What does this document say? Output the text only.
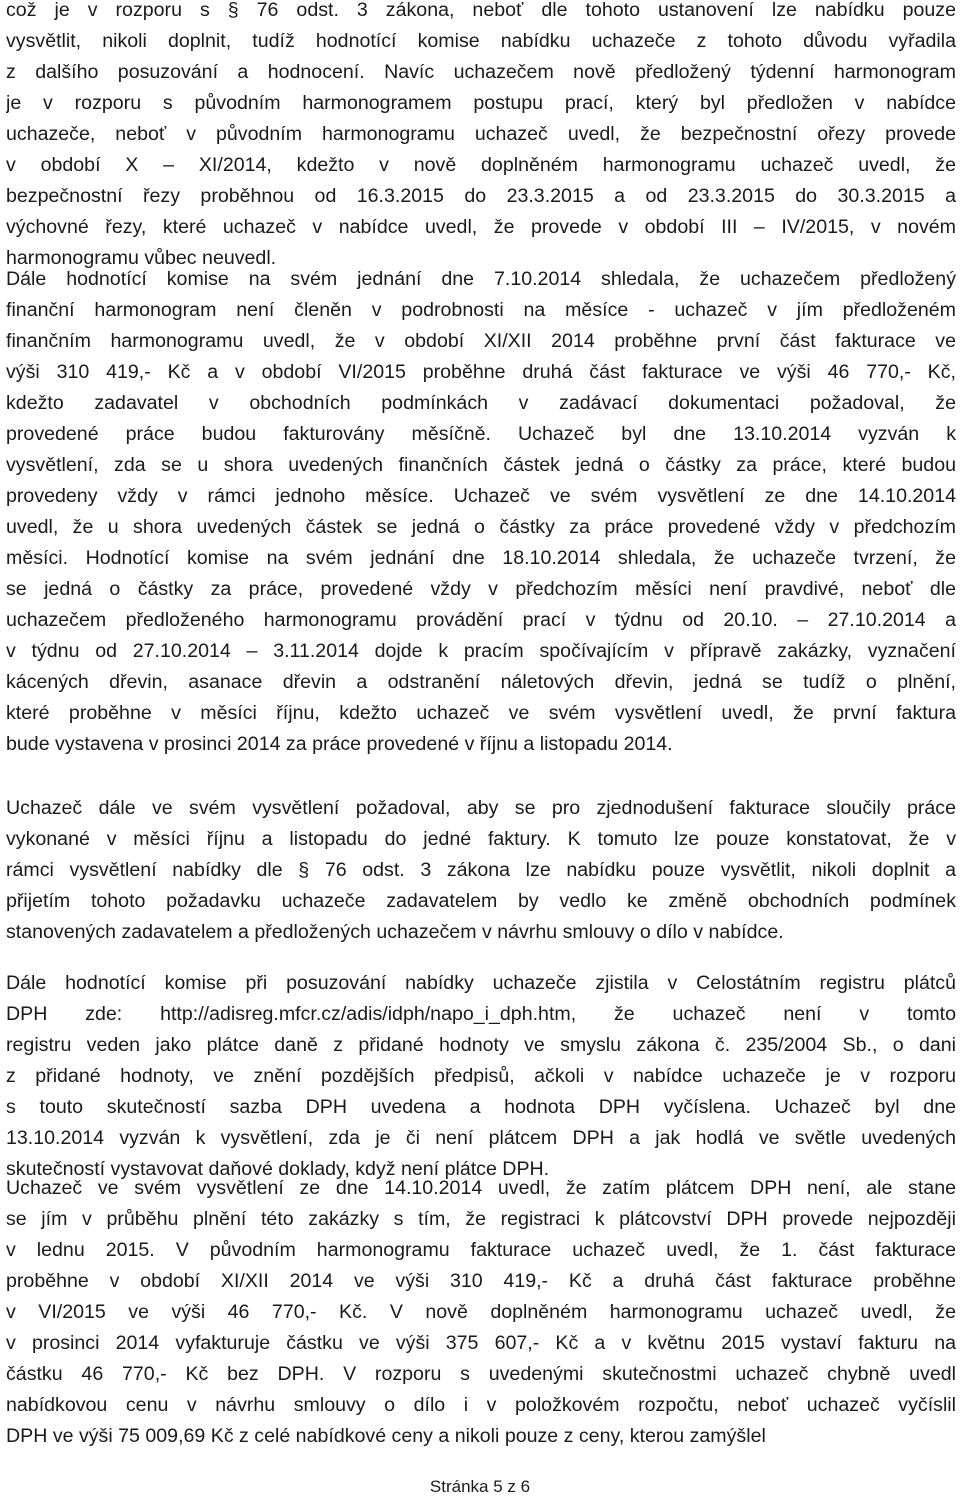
což je v rozporu s § 76 odst. 3 zákona, neboť dle tohoto ustanovení lze nabídku pouze
vysvětlit, nikoli doplnit, tudíž hodnotící komise nabídku uchazeče z tohoto důvodu vyřadila
z dalšího posuzování a hodnocení. Navíc uchazečem nově předložený týdenní harmonogram
je v rozporu s původním harmonogramem postupu prací, který byl předložen v nabídce
uchazeče, neboť v původním harmonogramu uchazeč uvedl, že bezpečnostní ořezy provede
v období X – XI/2014, kdežto v nově doplněném harmonogramu uchazeč uvedl, že
bezpečnostní řezy proběhnou od 16.3.2015 do 23.3.2015 a od 23.3.2015 do 30.3.2015 a
výchovné řezy, které uchazeč v nabídce uvedl, že provede v období III – IV/2015, v novém
harmonogramu vůbec neuvedl.
Dále hodnotící komise na svém jednání dne 7.10.2014 shledala, že uchazečem předložený
finanční harmonogram není členěn v podrobnosti na měsíce - uchazeč v jím předloženém
finančním harmonogramu uvedl, že v období XI/XII 2014 proběhne první část fakturace ve
výši 310 419,- Kč a v období VI/2015 proběhne druhá část fakturace ve výši 46 770,- Kč,
kdežto zadavatel v obchodních podmínkách v zadávací dokumentaci požadoval, že
provedené práce budou fakturovány měsíčně. Uchazeč byl dne 13.10.2014 vyzván k
vysvětlení, zda se u shora uvedených finančních částek jedná o částky za práce, které budou
provedeny vždy v rámci jednoho měsíce. Uchazeč ve svém vysvětlení ze dne 14.10.2014
uvedl, že u shora uvedených částek se jedná o částky za práce provedené vždy v předchozím
měsíci. Hodnotící komise na svém jednání dne 18.10.2014 shledala, že uchazeče tvrzení, že
se jedná o částky za práce, provedené vždy v předchozím měsíci není pravdivé, neboť dle
uchazečem předloženého harmonogramu provádění prací v týdnu od 20.10. – 27.10.2014 a
v týdnu od 27.10.2014 – 3.11.2014 dojde k pracím spočívajícím v přípravě zakázky, vyznačení
kácených dřevin, asanace dřevin a odstranění náletových dřevin, jedná se tudíž o plnění,
které proběhne v měsíci říjnu, kdežto uchazeč ve svém vysvětlení uvedl, že první faktura
bude vystavena v prosinci 2014 za práce provedené v říjnu a listopadu 2014.
Uchazeč dále ve svém vysvětlení požadoval, aby se pro zjednodušení fakturace sloučily práce
vykonané v měsíci říjnu a listopadu do jedné faktury. K tomuto lze pouze konstatovat, že v
rámci vysvětlení nabídky dle § 76 odst. 3 zákona lze nabídku pouze vysvětlit, nikoli doplnit a
přijetím tohoto požadavku uchazeče zadavatelem by vedlo ke změně obchodních podmínek
stanovených zadavatelem a předložených uchazečem v návrhu smlouvy o dílo v nabídce.
Dále hodnotící komise při posuzování nabídky uchazeče zjistila v Celostátním registru plátců
DPH zde: http://adisreg.mfcr.cz/adis/idph/napo_i_dph.htm, že uchazeč není v tomto
registru veden jako plátce daně z přidané hodnoty ve smyslu zákona č. 235/2004 Sb., o dani
z přidané hodnoty, ve znění pozdějších předpisů, ačkoli v nabídce uchazeče je v rozporu
s touto skutečností sazba DPH uvedena a hodnota DPH vyčíslena. Uchazeč byl dne
13.10.2014 vyzván k vysvětlení, zda je či není plátcem DPH a jak hodlá ve světle uvedených
skutečností vystavovat daňové doklady, když není plátce DPH.
Uchazeč ve svém vysvětlení ze dne 14.10.2014 uvedl, že zatím plátcem DPH není, ale stane
se jím v průběhu plnění této zakázky s tím, že registraci k plátcovství DPH provede nejpozději
v lednu 2015. V původním harmonogramu fakturace uchazeč uvedl, že 1. část fakturace
proběhne v období XI/XII 2014 ve výši 310 419,- Kč a druhá část fakturace proběhne
v VI/2015 ve výši 46 770,- Kč. V nově doplněném harmonogramu uchazeč uvedl, že
v prosinci 2014 vyfakturuje částku ve výši 375 607,- Kč a v květnu 2015 vystaví fakturu na
částku 46 770,- Kč bez DPH. V rozporu s uvedenými skutečnostmi uchazeč chybně uvedl
nabídkovou cenu v návrhu smlouvy o dílo i v položkovém rozpočtu, neboť uchazeč vyčíslil
DPH ve výši 75 009,69 Kč z celé nabídkové ceny a nikoli pouze z ceny, kterou zamýšlel
Stránka 5 z 6
